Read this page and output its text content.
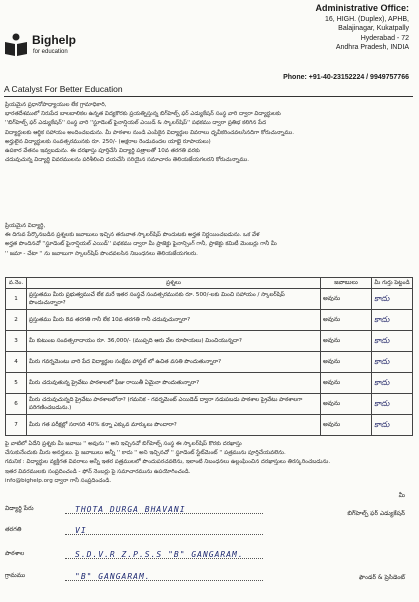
Bighelp
for education
Administrative Office:
16, HIGH. (Duplex), APHB,
Balajinagar, Kukatpally
Hyderabad - 72
Andhra Pradesh, INDIA
Phone: +91-40-23152224 / 9949757766
A Catalyst For Better Education
ప్రియమైన ప్రధానోపాధ్యాయుల లేక గ్రామాధికారి,
భారతదేశములో నిరుపేద బాలబాలికల ఉన్నత విద్యకొరకు ప్రయత్నిస్తున్న బిగ్‌హెల్ప్ ఫర్ ఎడ్యుకేషన్ సంస్థ వారి ద్వారా విద్యార్థులకు
''బిగ్‌హెల్ప్ ఫర్ ఎడ్యుకేషన్'' సంస్థ వారి ''స్టూడెంట్ ఫైనాన్షియల్ ఎయిడ్ & స్కాలర్‌షిప్'' పథకము ద్వారా ప్రతిభ కలిగిన పేద
విద్యార్థులకు ఆర్థిక సహాయం అందించబడును. మీ పాఠశాల నుండి ఎంపికైన విద్యార్థుల వివరాలు ధృవీకరించవలసినదిగా కోరుచున్నాము.
అర్హులైన విద్యార్థులకు సంవత్సరమునకు రూ. 250/- (అక్షరాల రెండువందల యాభై రూపాయలు)
ఉపకార వేతనం ఇవ్వబడును. ఈ దరఖాస్తు పూర్తిచేసి విద్యార్థి పత్రాలతో 10వ తరగతి వరకు
చదువుచున్న విద్యార్థి వివరములను పరిశీలించి దయచేసి సరియైన సమాచారం తెలియజేయగలరని కోరుచున్నాము.
ప్రియమైన విద్యార్థి,
ఈ దిగువ పేర్కొనబడిన ప్రశ్నలకు జవాబులు ఇచ్చిన తరువాత స్కాలర్‌షిప్ పొందుటకు అర్హత నిర్ణయించబడును. ఒక వేళ
అర్హత పొందినచో ''స్టూడెంట్ ఫైనాన్షియల్ ఎయిడ్'' పథకము ద్వారా మీ ప్రాజెక్టు ఫైనాన్సింగ్ గానీ, ప్రాజెక్టు కమిటీ మెంబర్లు గానీ మీ
'' జమా - చేటా '' ను జవాబుగా స్కాలర్‌షిప్ పొందవలసిన నిబంధనలు తెలియజేయగలరు.
వ.నెం.	ప్రశ్నలు	జవాబులు	మీ గుర్తు పెట్టండి
1	ప్రస్తుతము మీరు ప్రభుత్వముచే లేక మరే ఇతర సంస్థచే సంవత్సరమునకు రూ. 500/-లకు మించి సహాయం / స్కాలర్‌షిప్ పొందుచున్నారా?	అవును	కాదు
2	ప్రస్తుతము మీరు 8వ తరగతి గానీ లేక 10వ తరగతి గానీ చదువుచున్నారా?	అవును	కాదు
3	మీ కుటుంబ సంవత్సరాదాయం రూ. 36,000/- (ముప్పది ఆరు వేల రూపాయలు) మించియున్నదా?	అవును	కాదు
4	మీరు గవర్నమెంటు వారి పేద విద్యార్థుల సంక్షేమ హాస్టల్ లో ఉచిత వసతి పొందుతున్నారా?	అవును	కాదు
5	మీరు చదువుతున్న ప్రైవేటు పాఠశాలలో ఫీజు రాయితీ ఏమైనా పొందుతున్నారా?	అవును	కాదు
6	మీరు చదువుచున్నది ప్రైవేటు పాఠశాలలోనా? (గమనిక - గవర్నమెంట్ ఎయిడెడ్ ద్వారా నడుపబడు పాఠశాల ప్రైవేటు పాఠశాలగా పరిగణించబడును.)	అవును	కాదు
7	మీరు గత పరీక్షల్లో సరాసరి 40% కన్నా ఎక్కువ మార్కులు పొందారా?	అవును	కాదు
పై వాటిలో ఏదేని ప్రశ్నకు మీ జవాబు '' అవును '' అని ఇచ్చినచో బిగ్‌హెల్ప్ సంస్థ ఈ స్కాలర్‌షిప్ కొరకు దరఖాస్తు
చేసుకునేందుకు మీరు అనర్హులు. పై జవాబులు అన్నీ '' కాదు '' అని ఇచ్చినచో '' స్టూడెంట్ స్టేట్‌మెంట్ '' పత్రమును పూర్తిచేయవలెను.
గమనిక : విద్యార్థుల వ్యక్తిగత వివరాలు అన్నీ ఇతర పత్రములలో పొందుపరచవలెను, ఇలాంటి నిబంధనలు ఉల్లంఘించిన దరఖాస్తులు తిరస్కరించబడును.
ఇతర వివరములకు సంప్రదించండి - ఫోన్ నెంబర్లు పై సమాచారమును ఉపయోగించండి.
info@bighelp.org ద్వారా గానీ సంప్రదించండి.
మీ
బిగ్‌హెల్ప్ ఫర్ ఎడ్యుకేషన్
విద్యార్థి పేరు	THOTA DURGA BHAVANI
తరగతి	VI
పాఠశాల	S.D.V.R Z.P.S.S "B" GANGARAM.
గ్రామము	"B" GANGARAM.	ఫౌండర్ & ప్రెసిడెంట్
